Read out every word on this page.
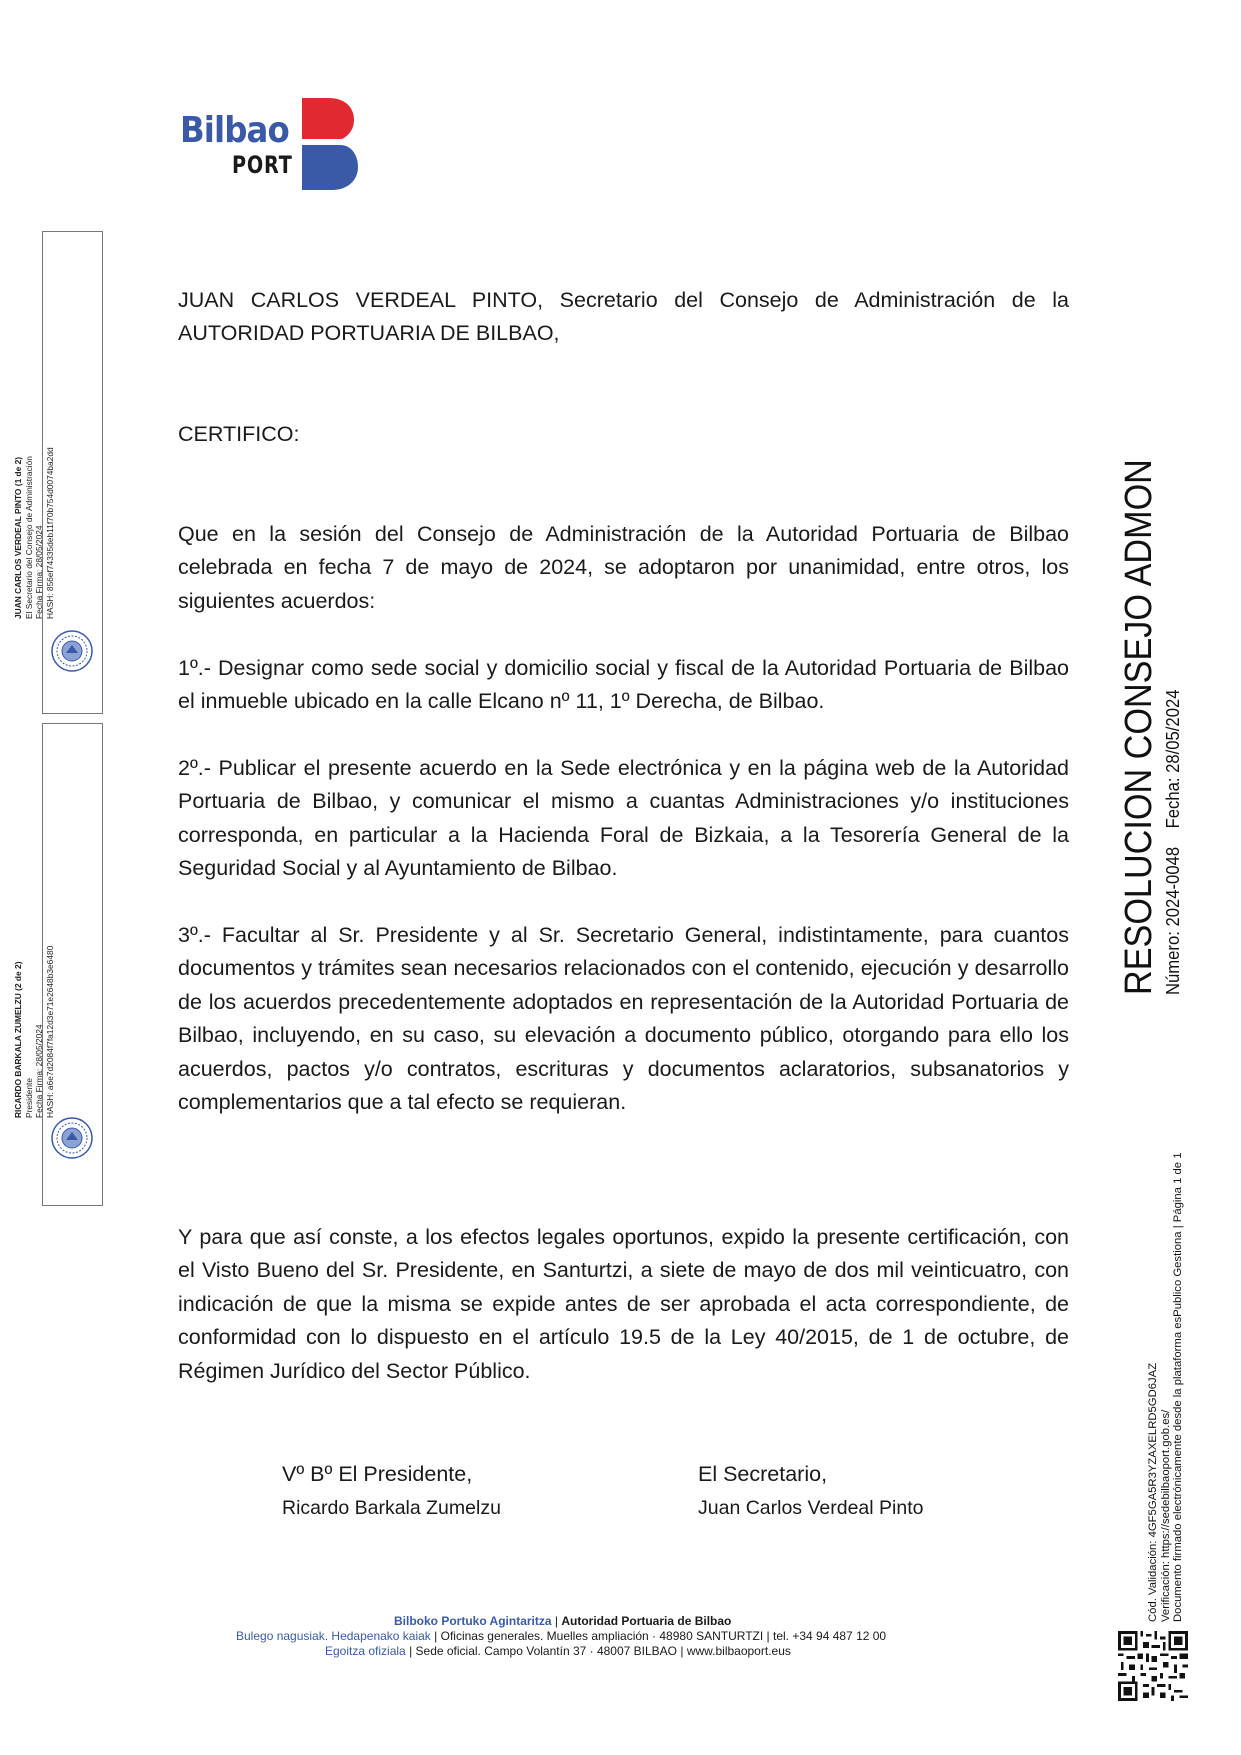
Bilbao
PORT
JUAN CARLOS VERDEAL PINTO (1 de 2) El Secretario del Consejo de Administración Fecha Firma: 28/05/2024 HASH: 856ef74335deb11f70b754d0074ba2dd
RICARDO BARKALA ZUMELZU (2 de 2) Presidente Fecha Firma: 28/05/2024 HASH: a6e7d2084f7fa12d3e71e2648b3e6480

JUAN CARLOS VERDEAL PINTO, Secretario del Consejo de Administración de la AUTORIDAD PORTUARIA DE BILBAO,

CERTIFICO:

Que en la sesión del Consejo de Administración de la Autoridad Portuaria de Bilbao celebrada en fecha 7 de mayo de 2024, se adoptaron por unanimidad, entre otros, los siguientes acuerdos:

1º.- Designar como sede social y domicilio social y fiscal de la Autoridad Portuaria de Bilbao el inmueble ubicado en la calle Elcano nº 11, 1º Derecha, de Bilbao.

2º.- Publicar el presente acuerdo en la Sede electrónica y en la página web de la Autoridad Portuaria de Bilbao, y comunicar el mismo a cuantas Administraciones y/o instituciones corresponda, en particular a la Hacienda Foral de Bizkaia, a la Tesorería General de la Seguridad Social y al Ayuntamiento de Bilbao.

3º.- Facultar al Sr. Presidente y al Sr. Secretario General, indistintamente, para cuantos documentos y trámites sean necesarios relacionados con el contenido, ejecución y desarrollo de los acuerdos precedentemente adoptados en representación de la Autoridad Portuaria de Bilbao, incluyendo, en su caso, su elevación a documento público, otorgando para ello los acuerdos, pactos y/o contratos, escrituras y documentos aclaratorios, subsanatorios y complementarios que a tal efecto se requieran.

Y para que así conste, a los efectos legales oportunos, expido la presente certificación, con el Visto Bueno del Sr. Presidente, en Santurtzi, a siete de mayo de dos mil veinticuatro, con indicación de que la misma se expide antes de ser aprobada el acta correspondiente, de conformidad con lo dispuesto en el artículo 19.5 de la Ley 40/2015, de 1 de octubre, de Régimen Jurídico del Sector Público.

Vº Bº El Presidente,
Ricardo Barkala Zumelzu
El Secretario,
Juan Carlos Verdeal Pinto
Bilboko Portuko Agintaritza | Autoridad Portuaria de Bilbao
Bulego nagusiak. Hedapenako kaiak | Oficinas generales. Muelles ampliación · 48980 SANTURTZI | tel. +34 94 487 12 00
Egoitza ofiziala | Sede oficial. Campo Volantín 37 · 48007 BILBAO | www.bilbaoport.eus
RESOLUCION CONSEJO ADMON Número: 2024-0048    Fecha: 28/05/2024
Cód. Validación: 4GF5GA5R3YZAXELRD5GD6JAZ Verificación: https://sedebilbaoport.gob.es/ Documento firmado electrónicamente desde la plataforma esPublico Gestiona | Página 1 de 1
